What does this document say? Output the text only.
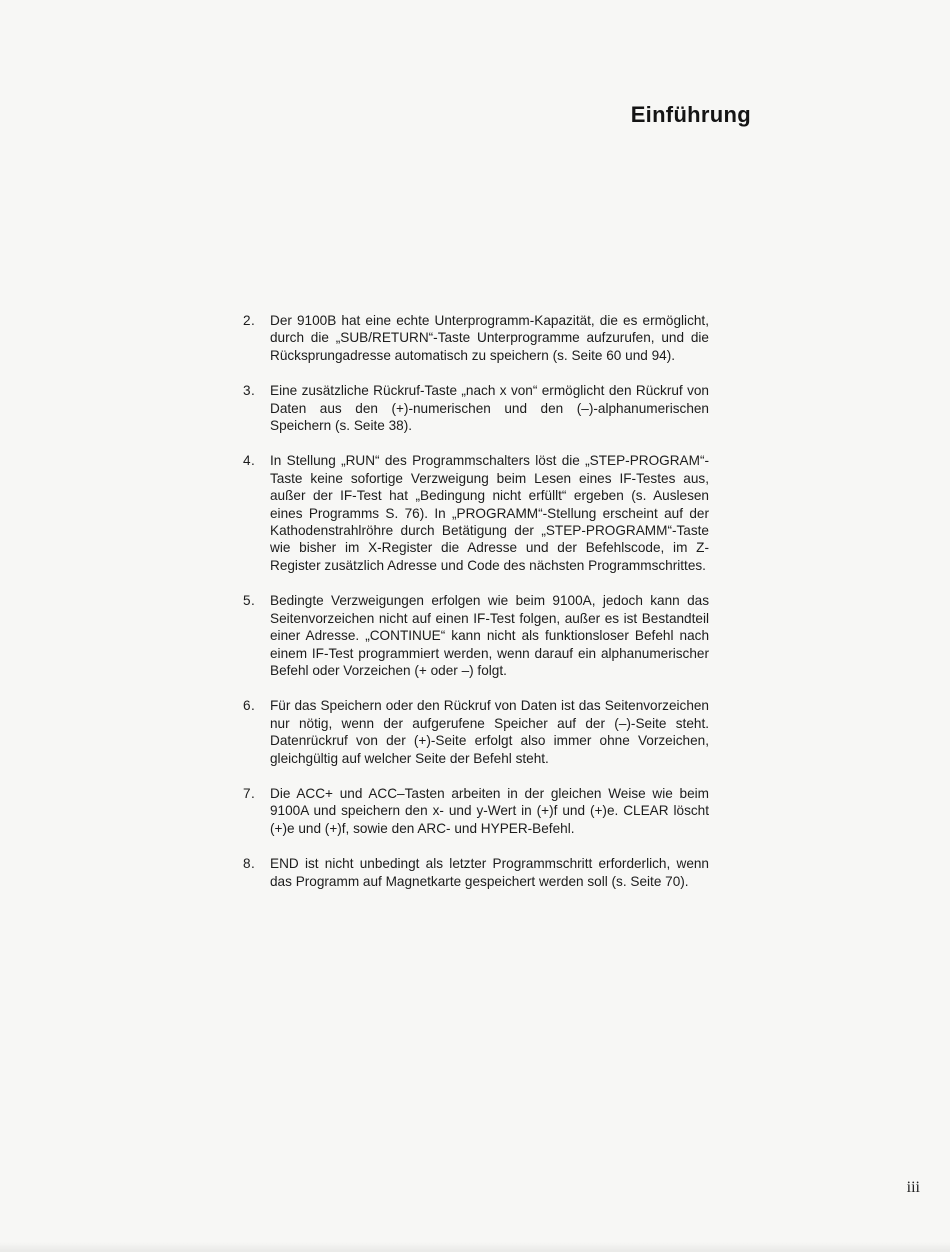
Einführung
2.	Der 9100B hat eine echte Unterprogramm-Kapazität, die es ermöglicht, durch die „SUB/RETURN“-Taste Unterprogramme aufzurufen, und die Rücksprungadresse automatisch zu speichern (s. Seite 60 und 94).
3.	Eine zusätzliche Rückruf-Taste „nach x von“ ermöglicht den Rückruf von Daten aus den (+)-numerischen und den (–)-alphanumerischen Speichern (s. Seite 38).
4.	In Stellung „RUN“ des Programmschalters löst die „STEP-PROGRAM“-Taste keine sofortige Verzweigung beim Lesen eines IF-Testes aus, außer der IF-Test hat „Bedingung nicht erfüllt“ ergeben (s. Auslesen eines Programms S. 76). In „PROGRAMM“-Stellung erscheint auf der Kathodenstrahlröhre durch Betätigung der „STEP-PROGRAMM“-Taste wie bisher im X-Register die Adresse und der Befehlscode, im Z-Register zusätzlich Adresse und Code des nächsten Programmschrittes.
5.	Bedingte Verzweigungen erfolgen wie beim 9100A, jedoch kann das Seitenvorzeichen nicht auf einen IF-Test folgen, außer es ist Bestandteil einer Adresse. „CONTINUE“ kann nicht als funktionsloser Befehl nach einem IF-Test programmiert werden, wenn darauf ein alphanumerischer Befehl oder Vorzeichen (+ oder –) folgt.
6.	Für das Speichern oder den Rückruf von Daten ist das Seitenvorzeichen nur nötig, wenn der aufgerufene Speicher auf der (–)-Seite steht. Datenrückruf von der (+)-Seite erfolgt also immer ohne Vorzeichen, gleichgültig auf welcher Seite der Befehl steht.
7.	Die ACC+ und ACC–Tasten arbeiten in der gleichen Weise wie beim 9100A und speichern den x- und y-Wert in (+)f und (+)e. CLEAR löscht (+)e und (+)f, sowie den ARC- und HYPER-Befehl.
8.	END ist nicht unbedingt als letzter Programmschritt erforderlich, wenn das Programm auf Magnetkarte gespeichert werden soll (s. Seite 70).
iii
